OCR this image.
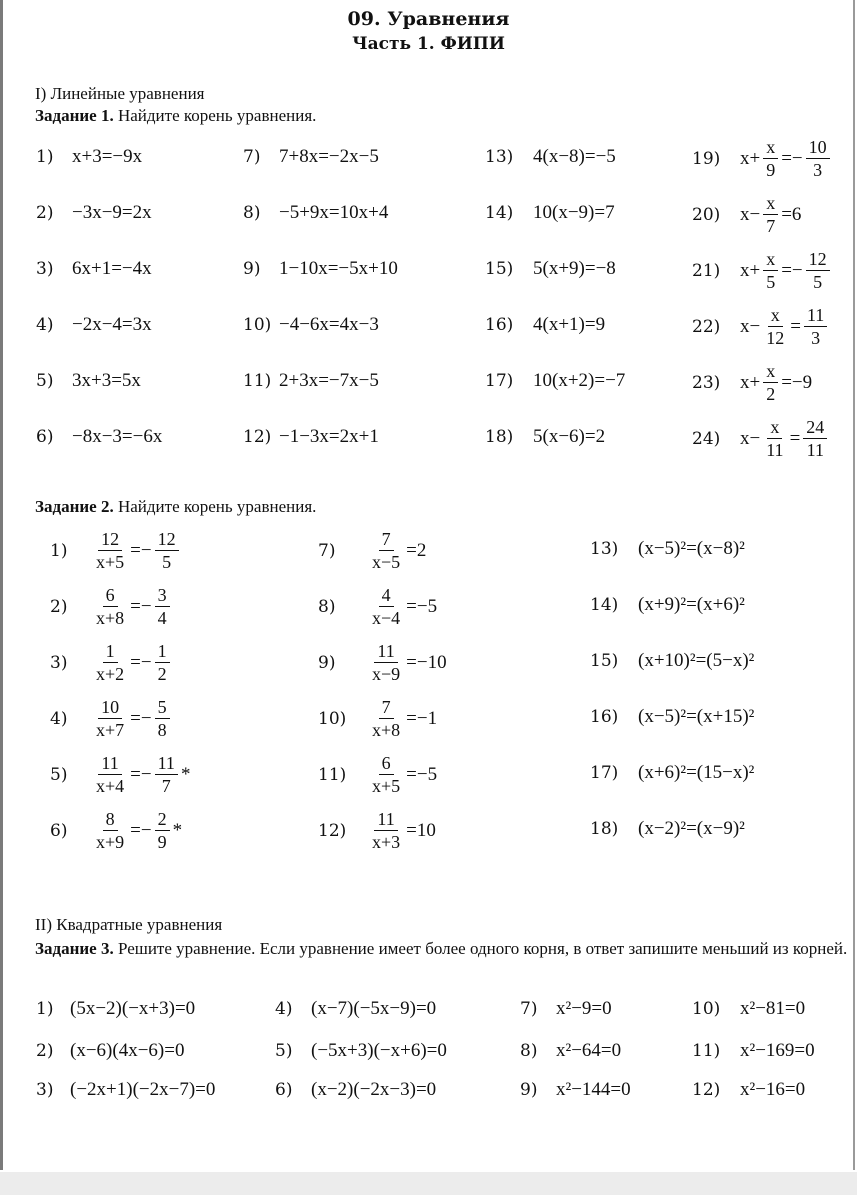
09. Уравнения
Часть 1. ФИПИ
I) Линейные уравнения
Задание 1. Найдите корень уравнения.
1) x+3=−9x
2) −3x−9=2x
3) 6x+1=−4x
4) −2x−4=3x
5) 3x+3=5x
6) −8x−3=−6x
7) 7+8x=−2x−5
8) −5+9x=10x+4
9) 1−10x=−5x+10
10) −4−6x=4x−3
11) 2+3x=−7x−5
12) −1−3x=2x+1
13)	4(x−8)=−5
14)	10(x−9)=7
15)	5(x+9)=−8
16)	4(x+1)=9
17)	10(x+2)=−7
18)	5(x−6)=2
19)	$x+ \frac{x}{9} =- \frac{10}{3}$
20)	$x- \frac{x}{7} =6$
21)	$x+ \frac{x}{5} =- \frac{12}{5}$
22)	$x- \frac{x}{12} = \frac{11}{3}$
23)	$x+ \frac{x}{2} =-9$
24)	$x- \frac{x}{11} = \frac{24}{11}$
Задание 2. Найдите корень уравнения.
1)	$\frac{12}{x+5} =- \frac{12}{5}$
2)	$\frac{6}{x+8} =- \frac{3}{4}$
3)	$\frac{1}{x+2} =- \frac{1}{2}$
4)	$\frac{10}{x+7} =- \frac{5}{8}$
5)	$\frac{11}{x+4} =- \frac{11}{7}$ *
6)	$\frac{8}{x+9} =- \frac{2}{9}$ *
7)	$\frac{7}{x-5} =2$
8)	$\frac{4}{x-4} =-5$
9)	$\frac{11}{x-9} =-10$
10)	$\frac{7}{x+8} =-1$
11)	$\frac{6}{x+5} =-5$
12)	$\frac{11}{x+3} =10$
13)	(x−5)²=(x−8)²
14)	(x+9)²=(x+6)²
15)	(x+10)²=(5−x)²
16)	(x−5)²=(x+15)²
17)	(x+6)²=(15−x)²
18)	(x−2)²=(x−9)²
II) Квадратные уравнения
Задание 3. Решите уравнение. Если уравнение имеет более одного корня, в ответ запишите меньший из корней.
1) (5x−2)(−x+3)=0
2) (x−6)(4x−6)=0
3) (−2x+1)(−2x−7)=0
4) (x−7)(−5x−9)=0
5) (−5x+3)(−x+6)=0
6) (x−2)(−2x−3)=0
7) x²−9=0
8) x²−64=0
9) x²−144=0
10)	x²−81=0
11)	x²−169=0
12)	x²−16=0
